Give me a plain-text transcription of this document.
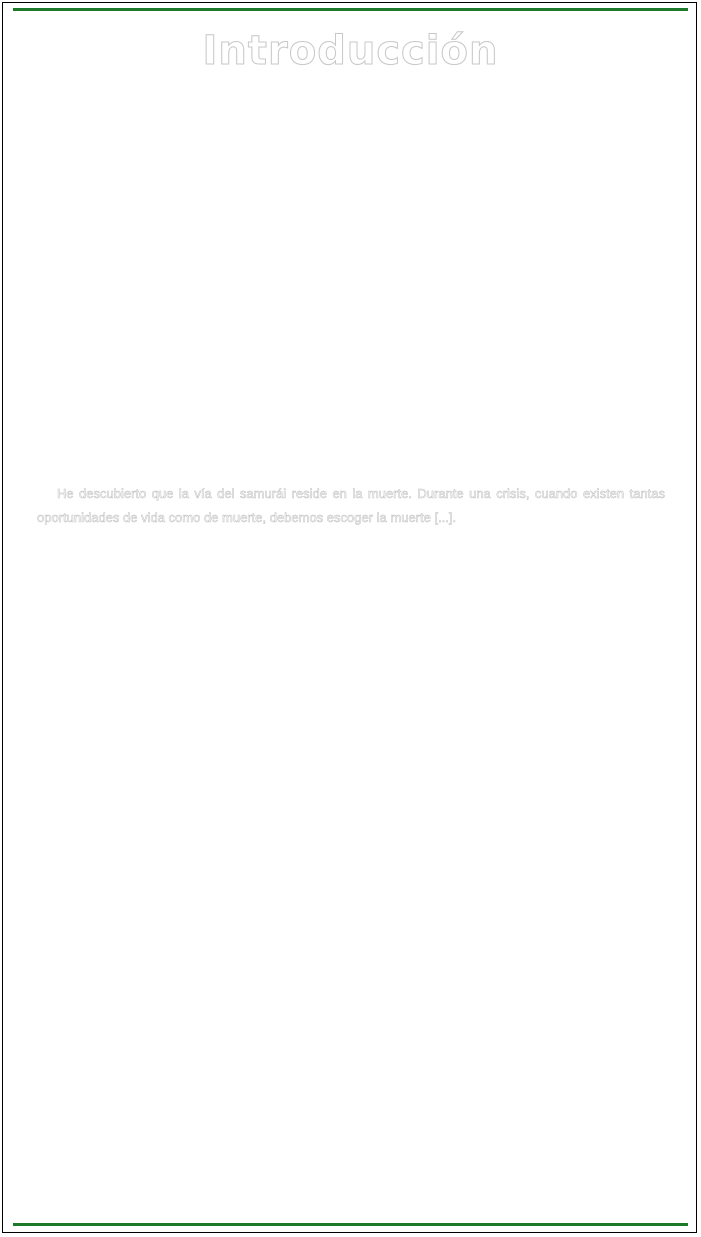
Introducción

He descubierto que la vía del samurái reside en la muerte. Durante una crisis, cuando existen tantas oportunidades de vida como de muerte, debemos escoger la muerte [...].
